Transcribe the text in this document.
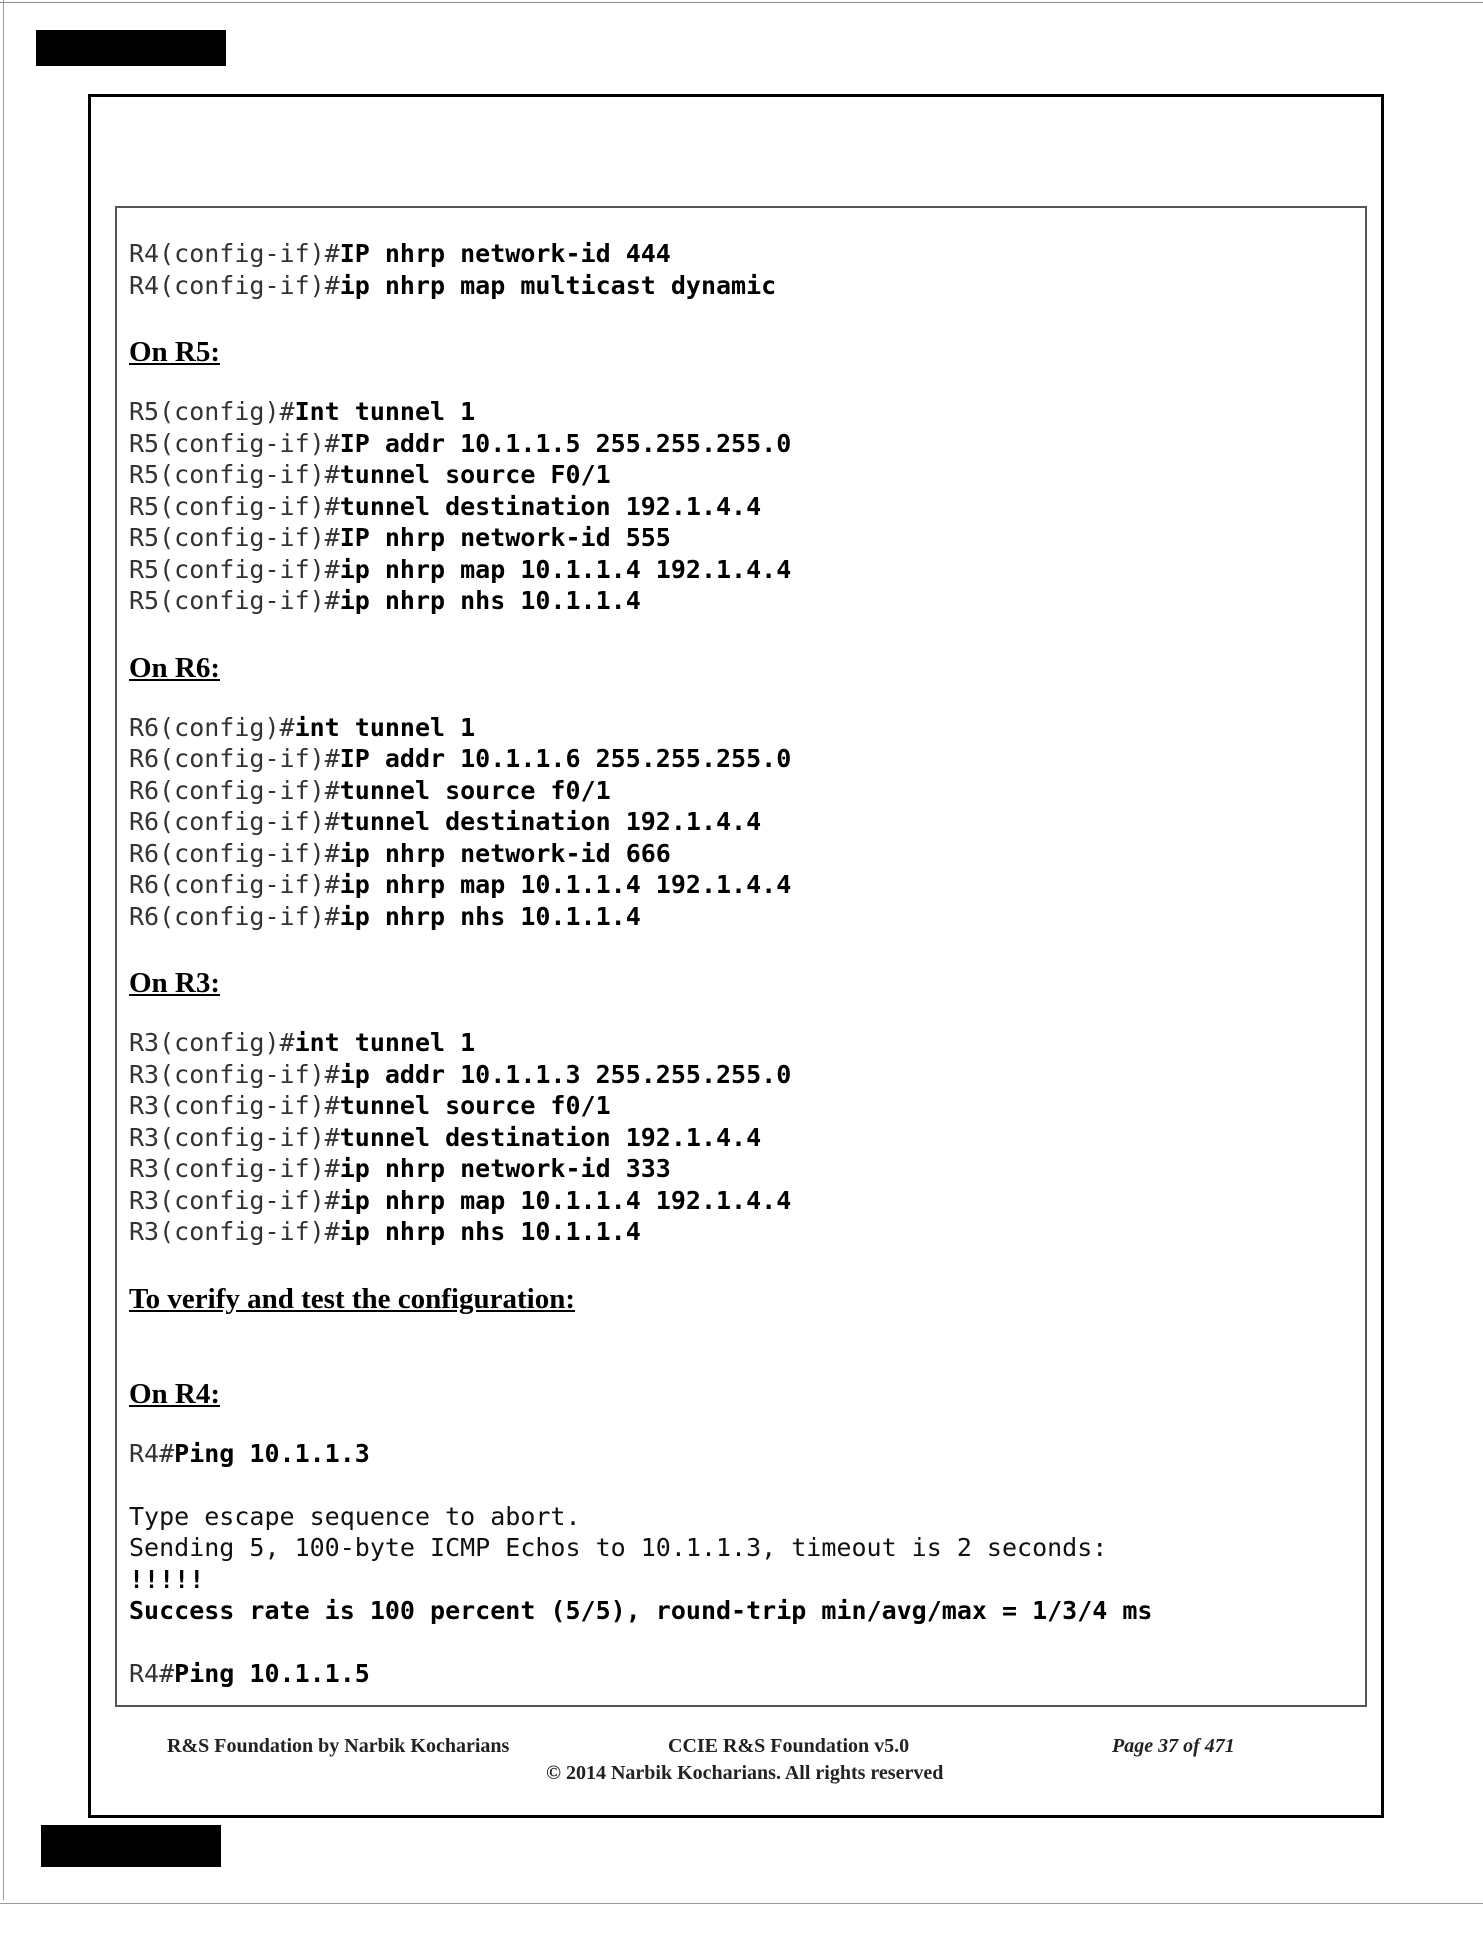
R4(config-if)#IP nhrp network-id 444
R4(config-if)#ip nhrp map multicast dynamic
On R5:
R5(config)#Int tunnel 1
R5(config-if)#IP addr 10.1.1.5 255.255.255.0
R5(config-if)#tunnel source F0/1
R5(config-if)#tunnel destination 192.1.4.4
R5(config-if)#IP nhrp network-id 555
R5(config-if)#ip nhrp map 10.1.1.4 192.1.4.4
R5(config-if)#ip nhrp nhs 10.1.1.4
On R6:
R6(config)#int tunnel 1
R6(config-if)#IP addr 10.1.1.6 255.255.255.0
R6(config-if)#tunnel source f0/1
R6(config-if)#tunnel destination 192.1.4.4
R6(config-if)#ip nhrp network-id 666
R6(config-if)#ip nhrp map 10.1.1.4 192.1.4.4
R6(config-if)#ip nhrp nhs 10.1.1.4
On R3:
R3(config)#int tunnel 1
R3(config-if)#ip addr 10.1.1.3 255.255.255.0
R3(config-if)#tunnel source f0/1
R3(config-if)#tunnel destination 192.1.4.4
R3(config-if)#ip nhrp network-id 333
R3(config-if)#ip nhrp map 10.1.1.4 192.1.4.4
R3(config-if)#ip nhrp nhs 10.1.1.4
To verify and test the configuration:
On R4:
R4#Ping 10.1.1.3
Type escape sequence to abort.
Sending 5, 100-byte ICMP Echos to 10.1.1.3, timeout is 2 seconds:
!!!!!
Success rate is 100 percent (5/5), round-trip min/avg/max = 1/3/4 ms
R4#Ping 10.1.1.5
R&S Foundation by Narbik Kocharians	CCIE R&S Foundation v5.0	Page 37 of 471
© 2014 Narbik Kocharians. All rights reserved
